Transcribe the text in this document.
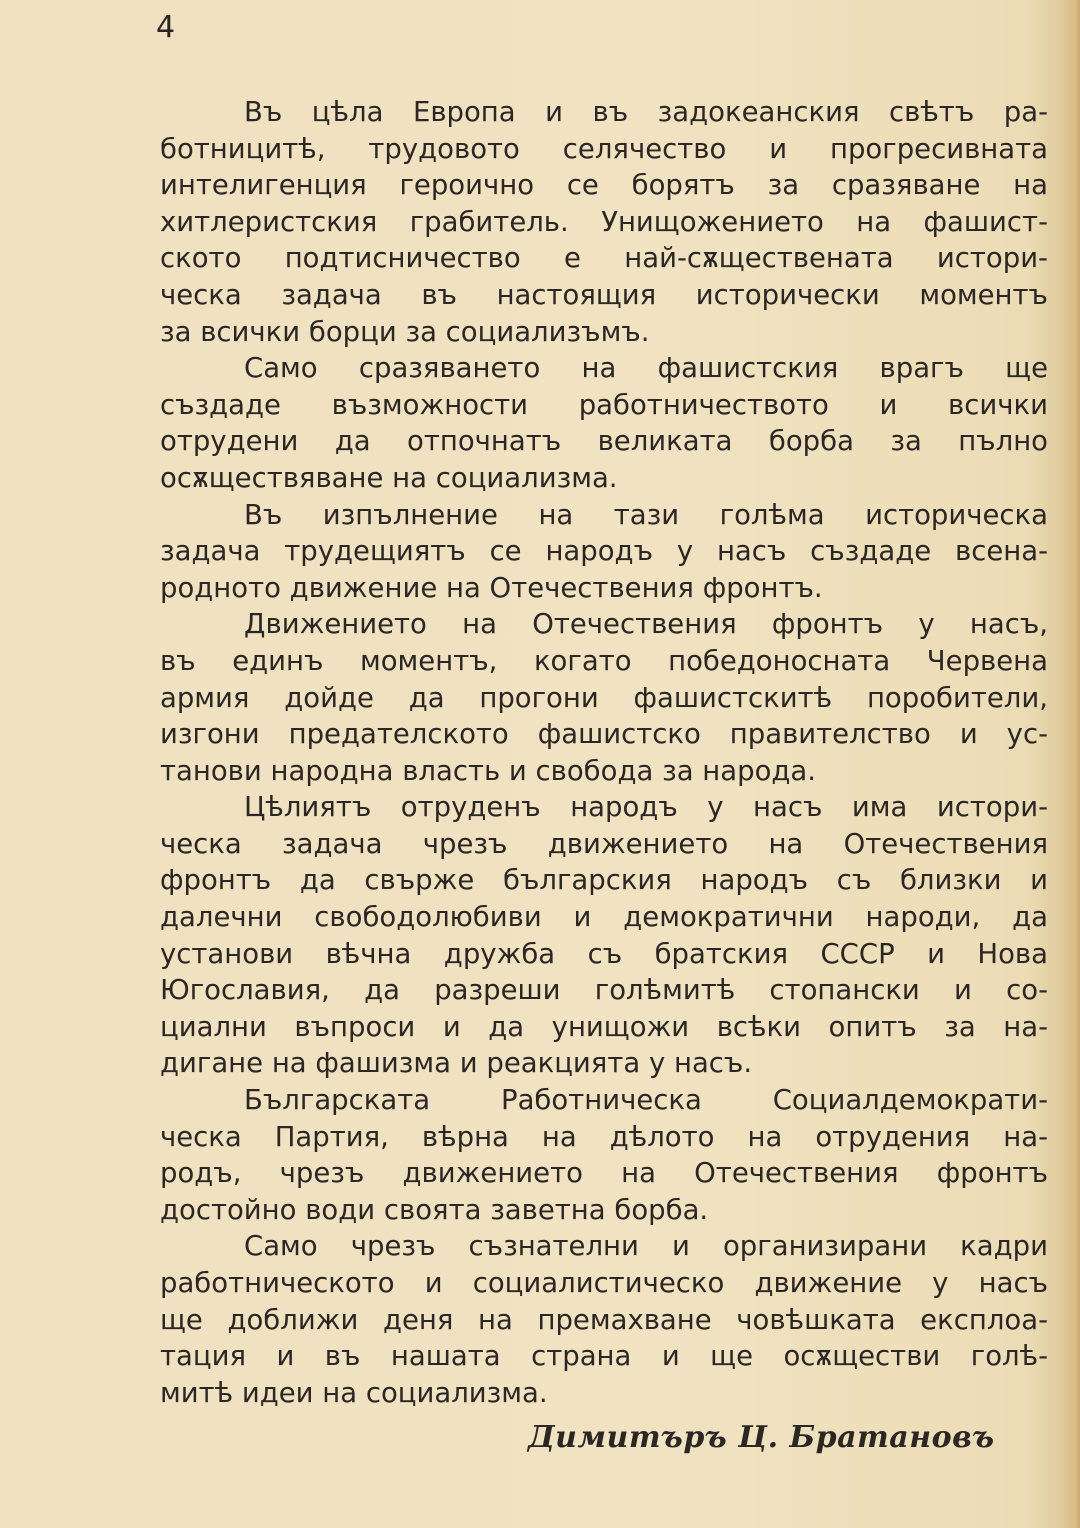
4
Въ цѣла Европа и въ задокеанския свѣтъ ра-
ботницитѣ, трудовото селячество и прогресивната
интелигенция героично се борятъ за сразяване на
хитлеристския грабитель. Унищожението на фашист-
ското подтисничество е най-сѫществената истори-
ческа задача въ настоящия исторически моментъ
за всички борци за социализъмъ.
Само сразяването на фашистския врагъ ще
създаде възможности работничеството и всички
отрудени да отпочнатъ великата борба за пълно
осѫществяване на социализма.
Въ изпълнение на тази голѣма историческа
задача трудещиятъ се народъ у насъ създаде всена-
родното движение на Отечествения фронтъ.
Движението на Отечествения фронтъ у насъ,
въ единъ моментъ, когато победоносната Червена
армия дойде да прогони фашистскитѣ поробители,
изгони предателското фашистско правителство и ус-
танови народна власть и свобода за народа.
Цѣлиятъ отруденъ народъ у насъ има истори-
ческа задача чрезъ движението на Отечествения
фронтъ да свърже българския народъ съ близки и
далечни свободолюбиви и демократични народи, да
установи вѣчна дружба съ братския СССР и Нова
Югославия, да разреши голѣмитѣ стопански и со-
циални въпроси и да унищожи всѣки опитъ за на-
дигане на фашизма и реакцията у насъ.
Българската Работническа Социалдемократи-
ческа Партия, вѣрна на дѣлото на отрудения на-
родъ, чрезъ движението на Отечествения фронтъ
достойно води своята заветна борба.
Само чрезъ съзнателни и организирани кадри
работническото и социалистическо движение у насъ
ще доближи деня на премахване човѣшката експлоа-
тация и въ нашата страна и ще осѫществи голѣ-
митѣ идеи на социализма.
Димитъръ Ц. Братановъ
